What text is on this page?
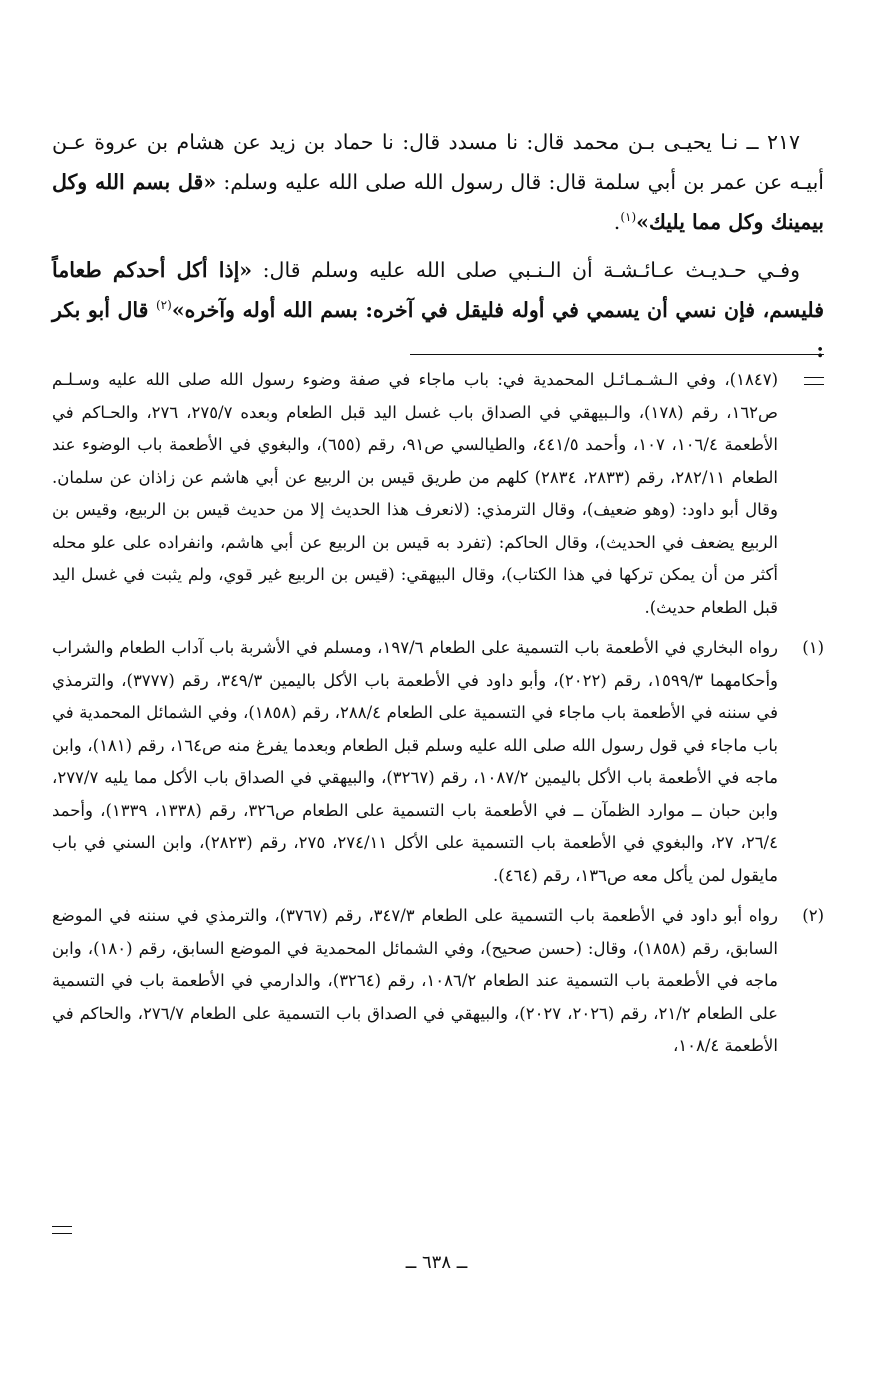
٢١٧ ــ نـا يحيـى بـن محمد قال: نا مسدد قال: نا حماد بن زيد عن هشام بن عروة عـن أبيـه عن عمر بن أبي سلمة قال: قال رسول الله صلى الله عليه وسلم: «قل بسم الله وكل بيمينك وكل مما يليك»$^{(١)}$.

وفـي حـديـث عـائـشـة أن الـنـبي صلى الله عليه وسلم قال: «إذا أكل أحدكم طعاماً فليسم، فإن نسي أن يسمي في أوله فليقل في آخره: بسم الله أوله وآخره»$^{(٢)}$ قال أبو بكر :

(١٨٤٧)، وفي الـشـمـائـل المحمدية في: باب ماجاء في صفة وضوء رسول الله صلى الله عليه وسـلـم ص١٦٢، رقم (١٧٨)، والـبيهقي في الصداق باب غسل اليد قبل الطعام وبعده ٢٧٥/٧، ٢٧٦، والحـاكم في الأطعمة ١٠٦/٤، ١٠٧، وأحمد ٤٤١/٥، والطيالسي ص٩١، رقم (٦٥٥)، والبغوي في الأطعمة باب الوضوء عند الطعام ٢٨٢/١١، رقم (٢٨٣٣، ٢٨٣٤) كلهم من طريق قيس بن الربيع عن أبي هاشم عن زاذان عن سلمان. وقال أبو داود: (وهو ضعيف)، وقال الترمذي: (لانعرف هذا الحديث إلا من حديث قيس بن الربيع، وقيس بن الربيع يضعف في الحديث)، وقال الحاكم: (تفرد به قيس بن الربيع عن أبي هاشم، وانفراده على علو محله أكثر من أن يمكن تركها في هذا الكتاب)، وقال البيهقي: (قيس بن الربيع غير قوي، ولم يثبت في غسل اليد قبل الطعام حديث).
(١)
رواه البخاري في الأطعمة باب التسمية على الطعام ١٩٧/٦، ومسلم في الأشربة باب آداب الطعام والشراب وأحكامهما ١٥٩٩/٣، رقم (٢٠٢٢)، وأبو داود في الأطعمة باب الأكل باليمين ٣٤٩/٣، رقم (٣٧٧٧)، والترمذي في سننه في الأطعمة باب ماجاء في التسمية على الطعام ٢٨٨/٤، رقم (١٨٥٨)، وفي الشمائل المحمدية في باب ماجاء في قول رسول الله صلى الله عليه وسلم قبل الطعام وبعدما يفرغ منه ص١٦٤، رقم (١٨١)، وابن ماجه في الأطعمة باب الأكل باليمين ١٠٨٧/٢، رقم (٣٢٦٧)، والبيهقي في الصداق باب الأكل مما يليه ٢٧٧/٧، وابن حبان ــ موارد الظمآن ــ في الأطعمة باب التسمية على الطعام ص٣٢٦، رقم (١٣٣٨، ١٣٣٩)، وأحمد ٢٦/٤، ٢٧، والبغوي في الأطعمة باب التسمية على الأكل ٢٧٤/١١، ٢٧٥، رقم (٢٨٢٣)، وابن السني في باب مايقول لمن يأكل معه ص١٣٦، رقم (٤٦٤).
(٢)
رواه أبو داود في الأطعمة باب التسمية على الطعام ٣٤٧/٣، رقم (٣٧٦٧)، والترمذي في سننه في الموضع السابق، رقم (١٨٥٨)، وقال: (حسن صحيح)، وفي الشمائل المحمدية في الموضع السابق، رقم (١٨٠)، وابن ماجه في الأطعمة باب التسمية عند الطعام ١٠٨٦/٢، رقم (٣٢٦٤)، والدارمي في الأطعمة باب في التسمية على الطعام ٢١/٢، رقم (٢٠٢٦، ٢٠٢٧)، والبيهقي في الصداق باب التسمية على الطعام ٢٧٦/٧، والحاكم في الأطعمة ١٠٨/٤،
ــ ٦٣٨ ــ
